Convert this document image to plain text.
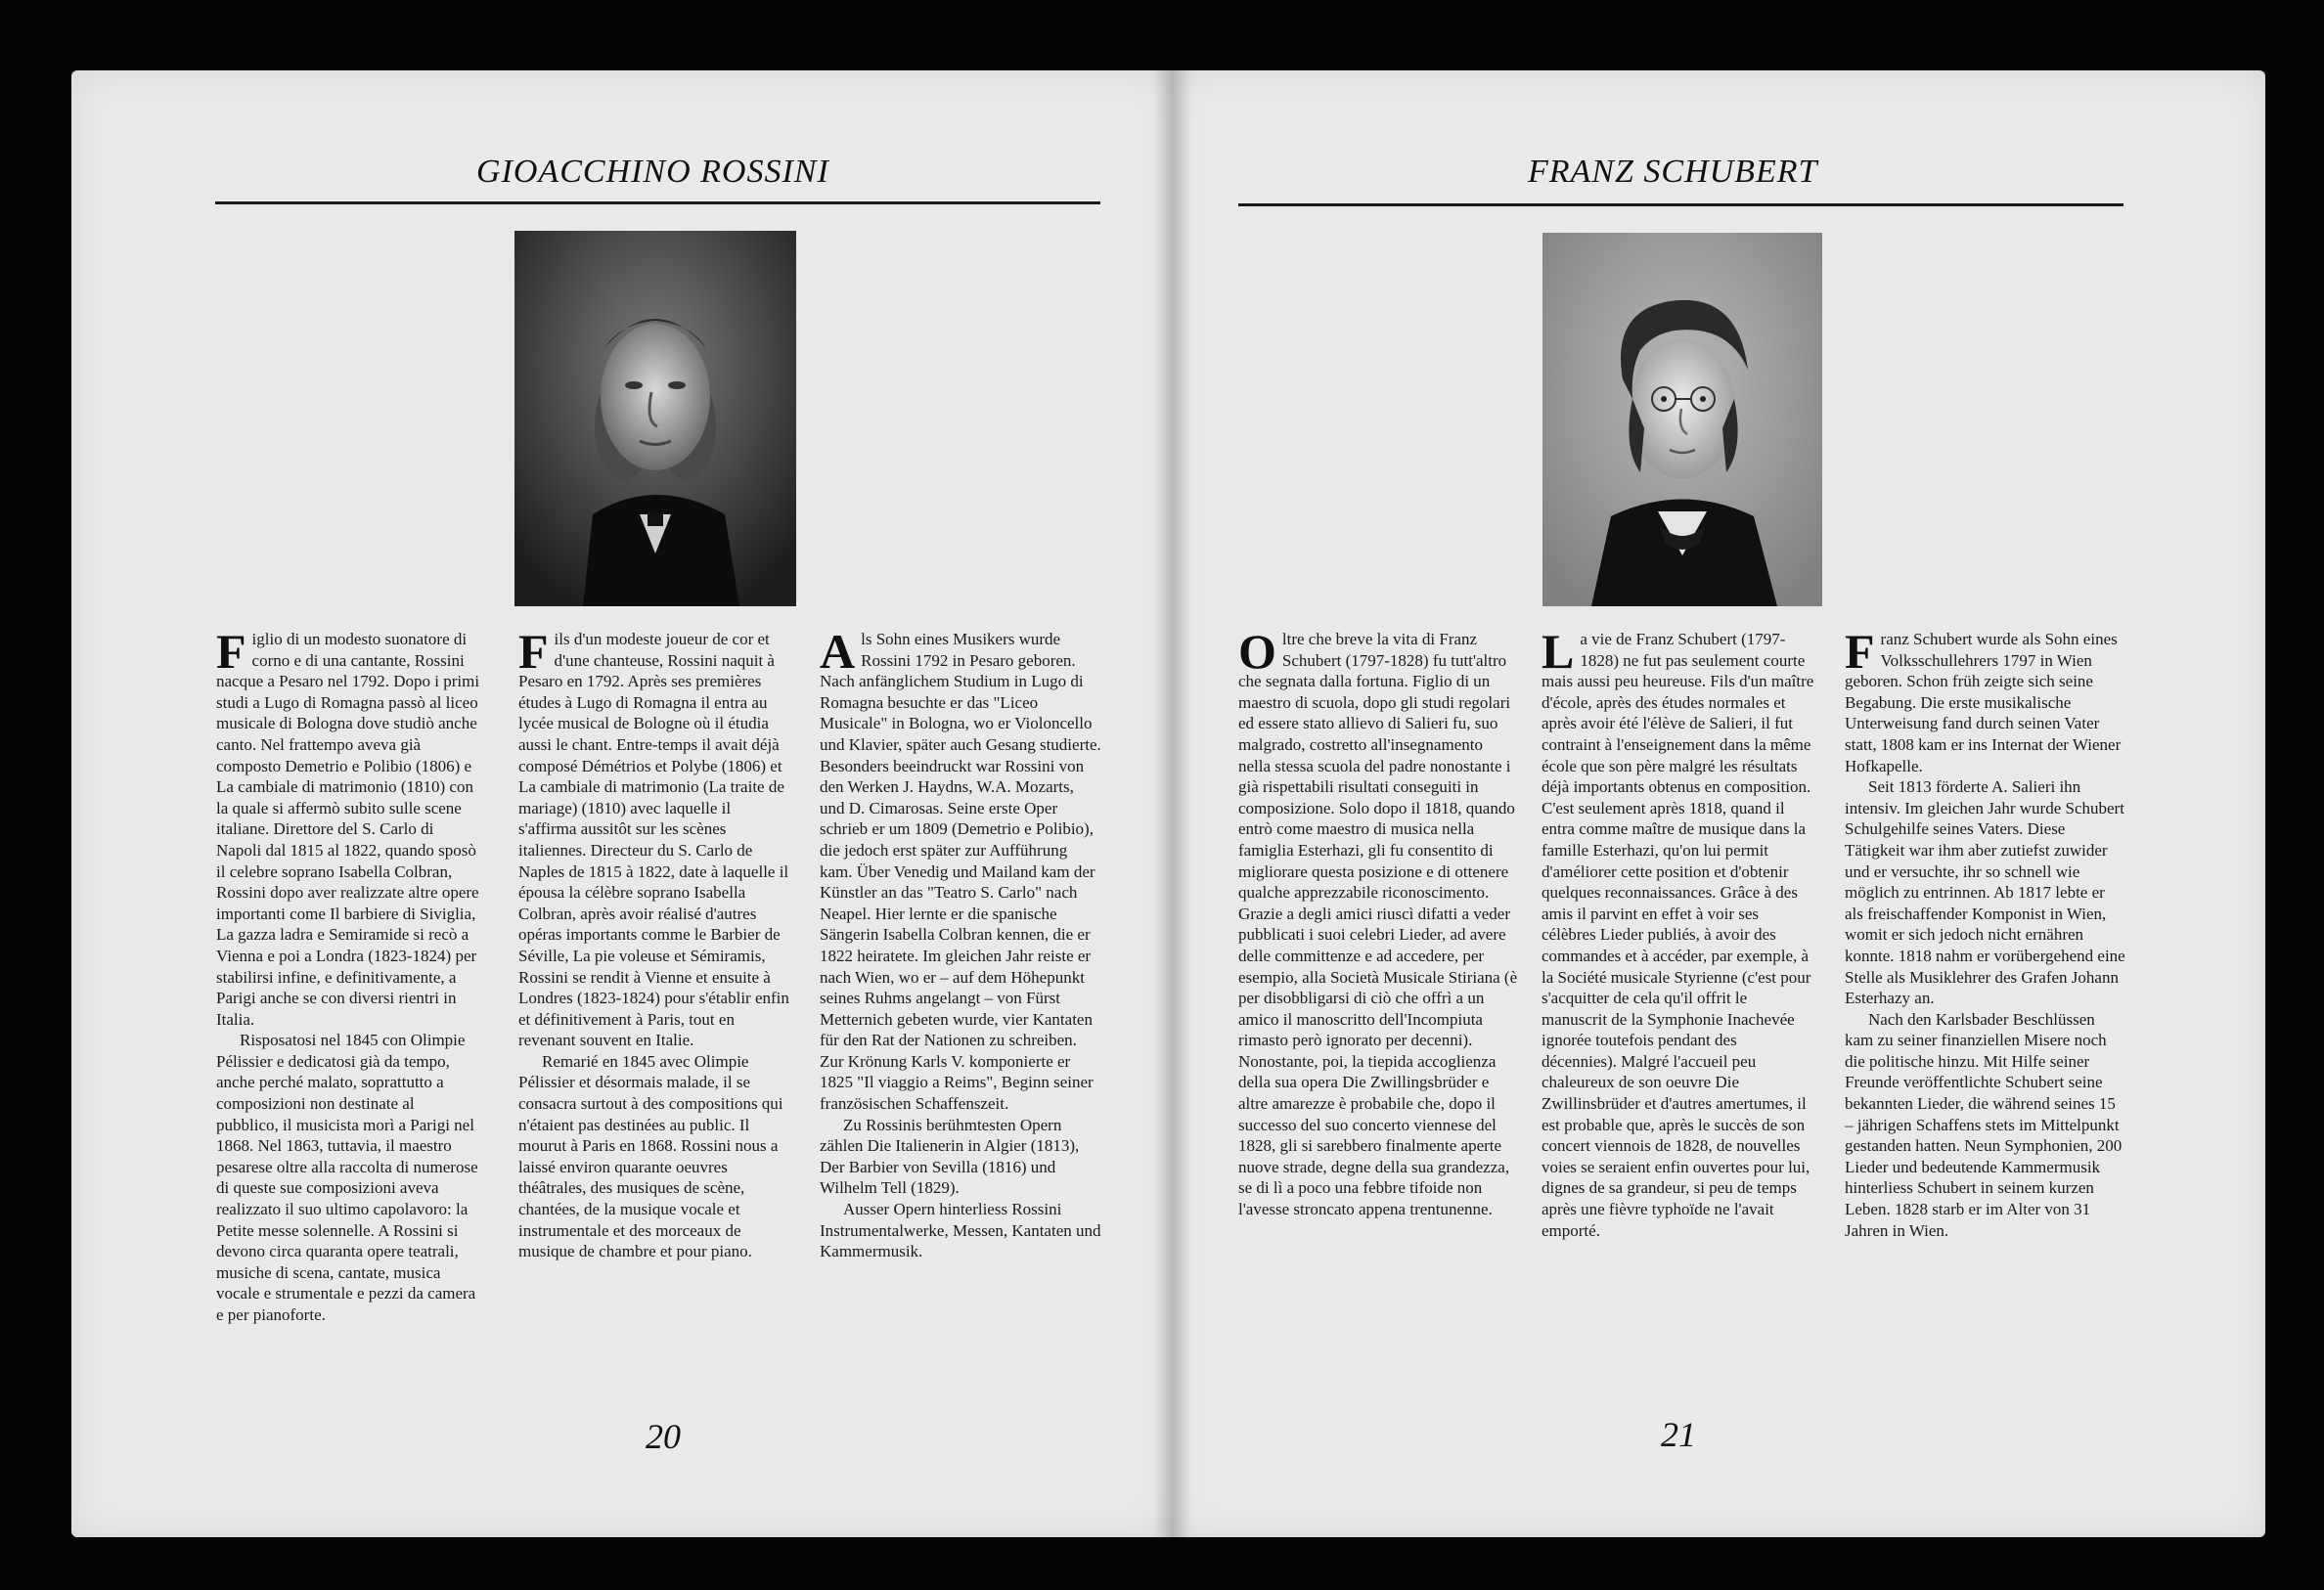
GIOACCHINO ROSSINI

Figlio di un modesto suonatore di corno e di una cantante, Rossini nacque a Pesaro nel 1792. Dopo i primi studi a Lugo di Romagna passò al liceo musicale di Bologna dove studiò anche canto. Nel frattempo aveva già composto Demetrio e Polibio (1806) e La cambiale di matrimonio (1810) con la quale si affermò subito sulle scene italiane. Direttore del S. Carlo di Napoli dal 1815 al 1822, quando sposò il celebre soprano Isabella Colbran, Rossini dopo aver realizzate altre opere importanti come Il barbiere di Siviglia, La gazza ladra e Semiramide si recò a Vienna e poi a Londra (1823-1824) per stabilirsi infine, e definitivamente, a Parigi anche se con diversi rientri in Italia.

Risposatosi nel 1845 con Olimpie Pélissier e dedicatosi già da tempo, anche perché malato, soprattutto a composizioni non destinate al pubblico, il musicista morì a Parigi nel 1868. Nel 1863, tuttavia, il maestro pesarese oltre alla raccolta di numerose di queste sue composizioni aveva realizzato il suo ultimo capolavoro: la Petite messe solennelle. A Rossini si devono circa quaranta opere teatrali, musiche di scena, cantate, musica vocale e strumentale e pezzi da camera e per pianoforte.

Fils d'un modeste joueur de cor et d'une chanteuse, Rossini naquit à Pesaro en 1792. Après ses premières études à Lugo di Romagna il entra au lycée musical de Bologne où il étudia aussi le chant. Entre-temps il avait déjà composé Démétrios et Polybe (1806) et La cambiale di matrimonio (La traite de mariage) (1810) avec laquelle il s'affirma aussitôt sur les scènes italiennes. Directeur du S. Carlo de Naples de 1815 à 1822, date à laquelle il épousa la célèbre soprano Isabella Colbran, après avoir réalisé d'autres opéras importants comme le Barbier de Séville, La pie voleuse et Sémiramis, Rossini se rendit à Vienne et ensuite à Londres (1823-1824) pour s'établir enfin et définitivement à Paris, tout en revenant souvent en Italie.

Remarié en 1845 avec Olimpie Pélissier et désormais malade, il se consacra surtout à des compositions qui n'étaient pas destinées au public. Il mourut à Paris en 1868. Rossini nous a laissé environ quarante oeuvres théâtrales, des musiques de scène, chantées, de la musique vocale et instrumentale et des morceaux de musique de chambre et pour piano.

Als Sohn eines Musikers wurde Rossini 1792 in Pesaro geboren. Nach anfänglichem Studium in Lugo di Romagna besuchte er das "Liceo Musicale" in Bologna, wo er Violoncello und Klavier, später auch Gesang studierte. Besonders beeindruckt war Rossini von den Werken J. Haydns, W.A. Mozarts, und D. Cimarosas. Seine erste Oper schrieb er um 1809 (Demetrio e Polibio), die jedoch erst später zur Aufführung kam. Über Venedig und Mailand kam der Künstler an das "Teatro S. Carlo" nach Neapel. Hier lernte er die spanische Sängerin Isabella Colbran kennen, die er 1822 heiratete. Im gleichen Jahr reiste er nach Wien, wo er – auf dem Höhepunkt seines Ruhms angelangt – von Fürst Metternich gebeten wurde, vier Kantaten für den Rat der Nationen zu schreiben. Zur Krönung Karls V. komponierte er 1825 "Il viaggio a Reims", Beginn seiner französischen Schaffenszeit.

Zu Rossinis berühmtesten Opern zählen Die Italienerin in Algier (1813), Der Barbier von Sevilla (1816) und Wilhelm Tell (1829).

Ausser Opern hinterliess Rossini Instrumentalwerke, Messen, Kantaten und Kammermusik.

20
FRANZ SCHUBERT

Oltre che breve la vita di Franz Schubert (1797-1828) fu tutt'altro che segnata dalla fortuna. Figlio di un maestro di scuola, dopo gli studi regolari ed essere stato allievo di Salieri fu, suo malgrado, costretto all'insegnamento nella stessa scuola del padre nonostante i già rispettabili risultati conseguiti in composizione. Solo dopo il 1818, quando entrò come maestro di musica nella famiglia Esterhazi, gli fu consentito di migliorare questa posizione e di ottenere qualche apprezzabile riconoscimento. Grazie a degli amici riuscì difatti a veder pubblicati i suoi celebri Lieder, ad avere delle committenze e ad accedere, per esempio, alla Società Musicale Stiriana (è per disobbligarsi di ciò che offrì a un amico il manoscritto dell'Incompiuta rimasto però ignorato per decenni). Nonostante, poi, la tiepida accoglienza della sua opera Die Zwillingsbrüder e altre amarezze è probabile che, dopo il successo del suo concerto viennese del 1828, gli si sarebbero finalmente aperte nuove strade, degne della sua grandezza, se di lì a poco una febbre tifoide non l'avesse stroncato appena trentunenne.

La vie de Franz Schubert (1797-1828) ne fut pas seulement courte mais aussi peu heureuse. Fils d'un maître d'école, après des études normales et après avoir été l'élève de Salieri, il fut contraint à l'enseignement dans la même école que son père malgré les résultats déjà importants obtenus en composition. C'est seulement après 1818, quand il entra comme maître de musique dans la famille Esterhazi, qu'on lui permit d'améliorer cette position et d'obtenir quelques reconnaissances. Grâce à des amis il parvint en effet à voir ses célèbres Lieder publiés, à avoir des commandes et à accéder, par exemple, à la Société musicale Styrienne (c'est pour s'acquitter de cela qu'il offrit le manuscrit de la Symphonie Inachevée ignorée toutefois pendant des décennies). Malgré l'accueil peu chaleureux de son oeuvre Die Zwillinsbrüder et d'autres amertumes, il est probable que, après le succès de son concert viennois de 1828, de nouvelles voies se seraient enfin ouvertes pour lui, dignes de sa grandeur, si peu de temps après une fièvre typhoïde ne l'avait emporté.

Franz Schubert wurde als Sohn eines Volksschullehrers 1797 in Wien geboren. Schon früh zeigte sich seine Begabung. Die erste musikalische Unterweisung fand durch seinen Vater statt, 1808 kam er ins Internat der Wiener Hofkapelle.

Seit 1813 förderte A. Salieri ihn intensiv. Im gleichen Jahr wurde Schubert Schulgehilfe seines Vaters. Diese Tätigkeit war ihm aber zutiefst zuwider und er versuchte, ihr so schnell wie möglich zu entrinnen. Ab 1817 lebte er als freischaffender Komponist in Wien, womit er sich jedoch nicht ernähren konnte. 1818 nahm er vorübergehend eine Stelle als Musiklehrer des Grafen Johann Esterhazy an.

Nach den Karlsbader Beschlüssen kam zu seiner finanziellen Misere noch die politische hinzu. Mit Hilfe seiner Freunde veröffentlichte Schubert seine bekannten Lieder, die während seines 15 – jährigen Schaffens stets im Mittelpunkt gestanden hatten. Neun Symphonien, 200 Lieder und bedeutende Kammermusik hinterliess Schubert in seinem kurzen Leben. 1828 starb er im Alter von 31 Jahren in Wien.

21
